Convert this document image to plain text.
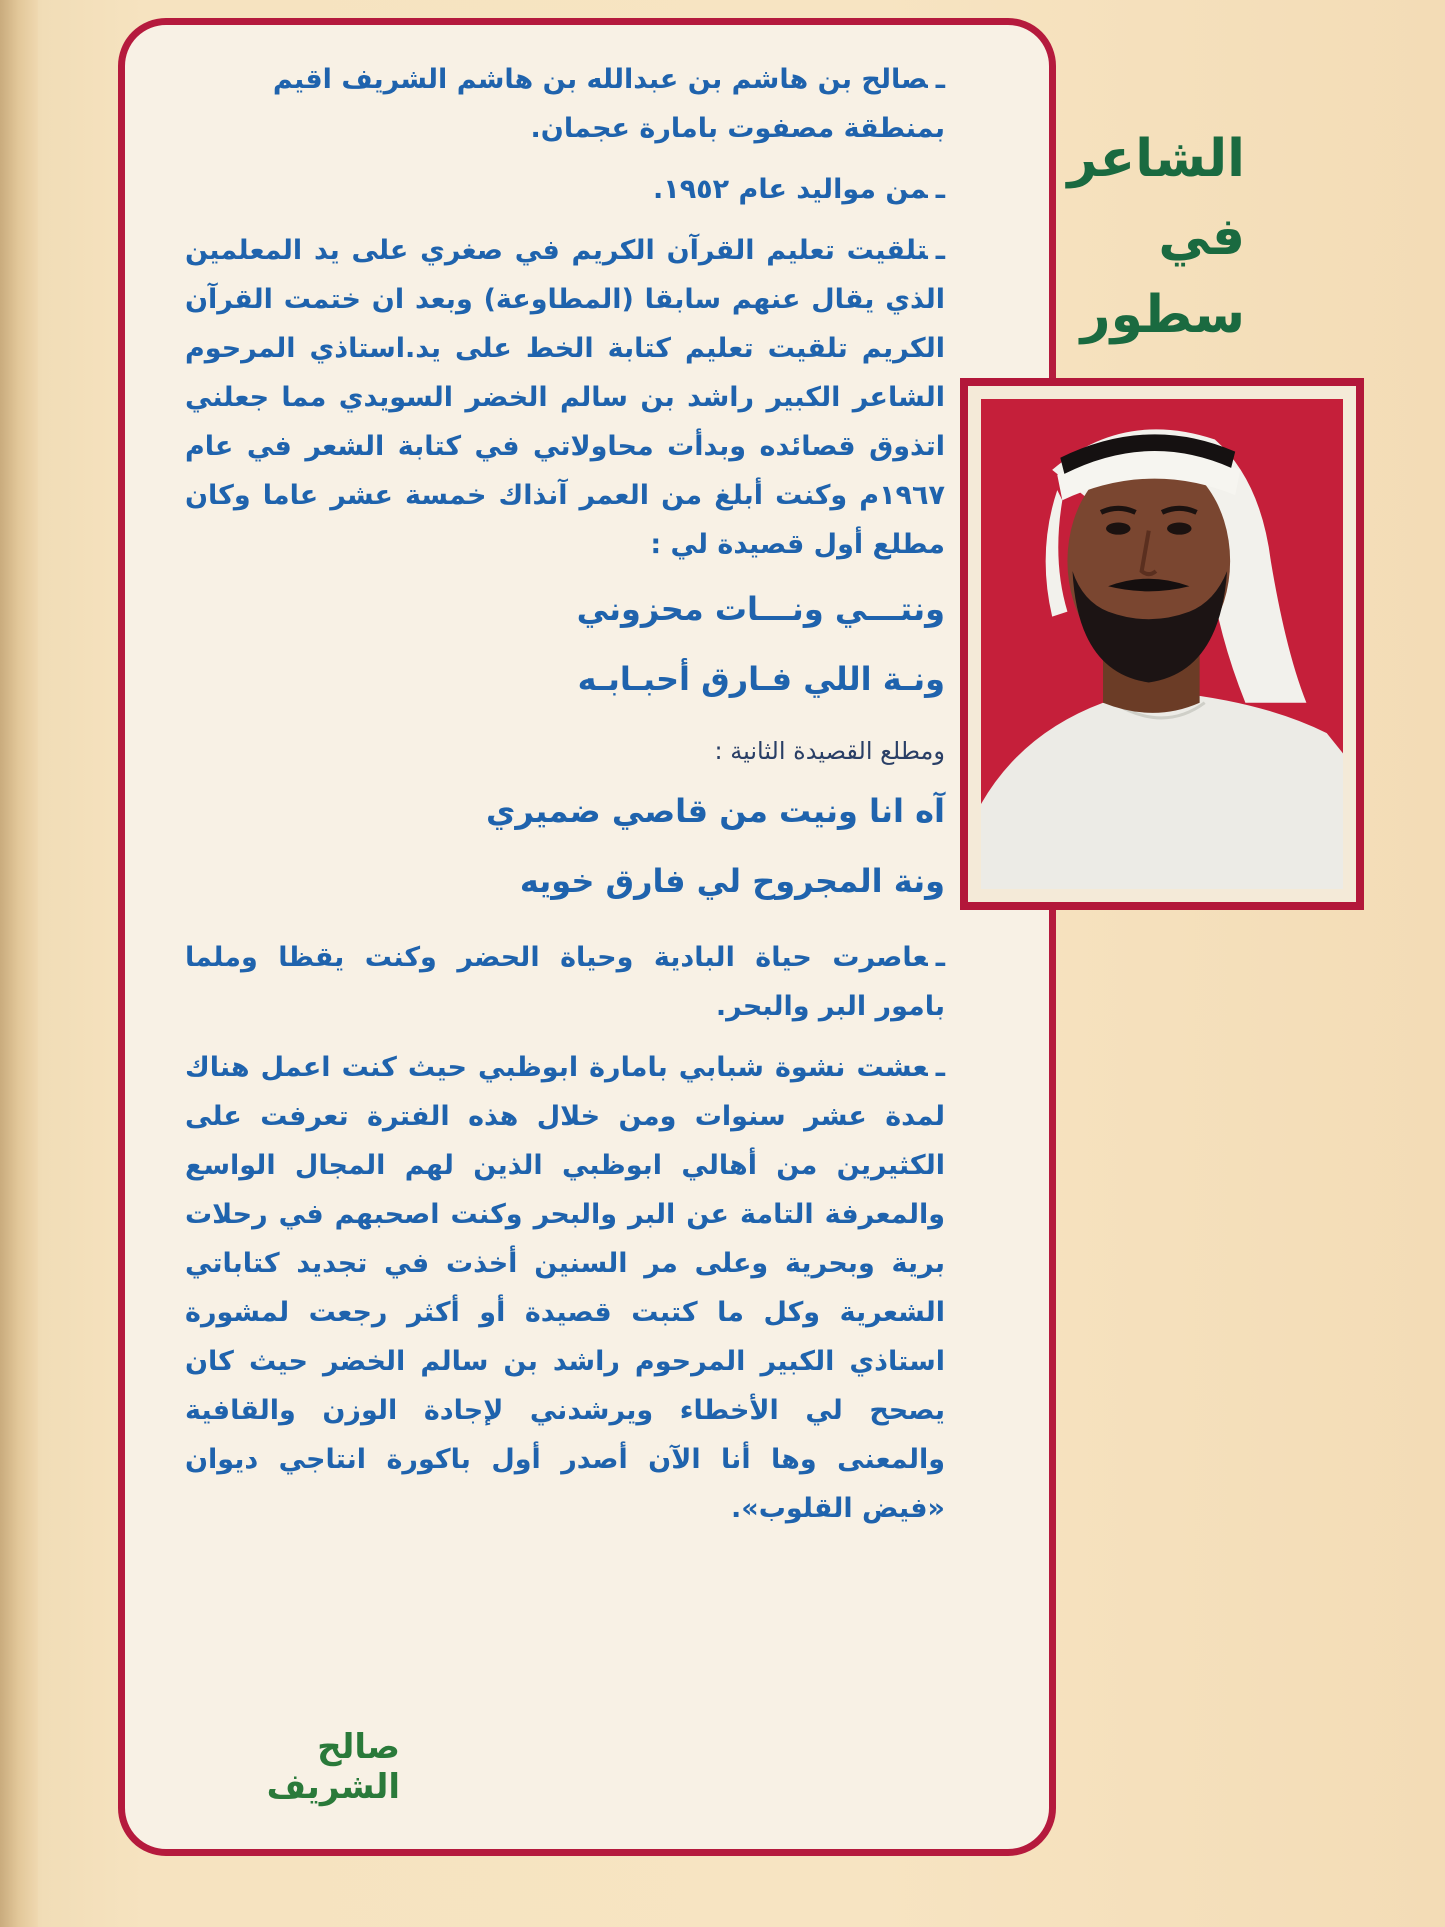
ـصالح بن هاشم بن عبدالله بن هاشم الشريف اقيم بمنطقة مصفوت بامارة عجمان.

ـمن مواليد عام ١٩٥٢.

ـتلقيت تعليم القرآن الكريم في صغري على يد المعلمين الذي يقال عنهم سابقا (المطاوعة) وبعد ان ختمت القرآن الكريم تلقيت تعليم كتابة الخط على يد.استاذي المرحوم الشاعر الكبير راشد بن سالم الخضر السويدي مما جعلني اتذوق قصائده وبدأت محاولاتي في كتابة الشعر في عام ١٩٦٧م وكنت أبلغ من العمر آنذاك خمسة عشر عاما وكان مطلع أول قصيدة لي :

ونتـــي ونـــات محزوني
ونـة اللي فـارق أحبـابـه
ومطلع القصيدة الثانية :
آه انا ونيت من قاصي ضميري
ونة المجروح لي فارق خويه

ـعاصرت حياة البادية وحياة الحضر وكنت يقظا وملما بامور البر والبحر.

ـعشت نشوة شبابي بامارة ابوظبي حيث كنت اعمل هناك لمدة عشر سنوات ومن خلال هذه الفترة تعرفت على الكثيرين من أهالي ابوظبي الذين لهم المجال الواسع والمعرفة التامة عن البر والبحر وكنت اصحبهم في رحلات برية وبحرية وعلى مر السنين أخذت في تجديد كتاباتي الشعرية وكل ما كتبت قصيدة أو أكثر رجعت لمشورة استاذي الكبير المرحوم راشد بن سالم الخضر حيث كان يصحح لي الأخطاء ويرشدني لإجادة الوزن والقافية والمعنى وها أنا الآن أصدر أول باكورة انتاجي ديوان «فيض القلوب».

صالح الشريف
الشاعر
في
سطور
